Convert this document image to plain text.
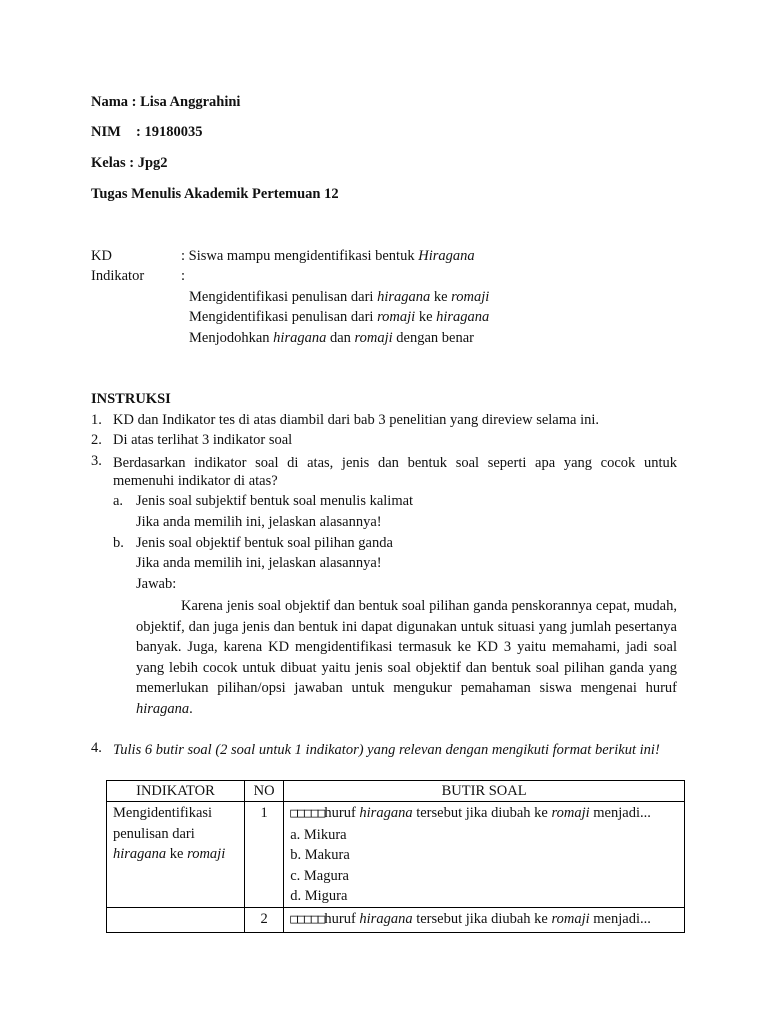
Nama : Lisa Anggrahini
NIM : 19180035
Kelas : Jpg2
Tugas Menulis Akademik Pertemuan 12
KD	: Siswa mampu mengidentifikasi bentuk Hiragana
Indikator	:
Mengidentifikasi penulisan dari hiragana ke romaji
Mengidentifikasi penulisan dari romaji ke hiragana
Menjodohkan hiragana dan romaji dengan benar
INSTRUKSI
1. KD dan Indikator tes di atas diambil dari bab 3 penelitian yang direview selama ini.
2. Di atas terlihat 3 indikator soal
3. Berdasarkan indikator soal di atas, jenis dan bentuk soal seperti apa yang cocok untuk
memenuhi indikator di atas?
a. Jenis soal subjektif bentuk soal menulis kalimat
Jika anda memilih ini, jelaskan alasannya!
b. Jenis soal objektif bentuk soal pilihan ganda
Jika anda memilih ini, jelaskan alasannya!
Jawab:

Karena jenis soal objektif dan bentuk soal pilihan ganda penskorannya cepat, mudah, objektif, dan juga jenis dan bentuk ini dapat digunakan untuk situasi yang jumlah pesertanya banyak. Juga, karena KD mengidentifikasi termasuk ke KD 3 yaitu memahami, jadi soal yang lebih cocok untuk dibuat yaitu jenis soal objektif dan bentuk soal pilihan ganda yang memerlukan pilihan/opsi jawaban untuk mengukur pemahaman siswa mengenai huruf hiragana.

4. Tulis 6 butir soal (2 soal untuk 1 indikator) yang relevan dengan mengikuti format berikut ini!
INDIKATOR	NO	BUTIR SOAL
Mengidentifikasi penulisan dari hiragana ke romaji	1	□□□□□huruf hiragana tersebut jika diubah ke romaji menjadi...
a. Mikura
b. Makura
c. Magura
d. Migura

	2	□□□□□huruf hiragana tersebut jika diubah ke romaji menjadi...
